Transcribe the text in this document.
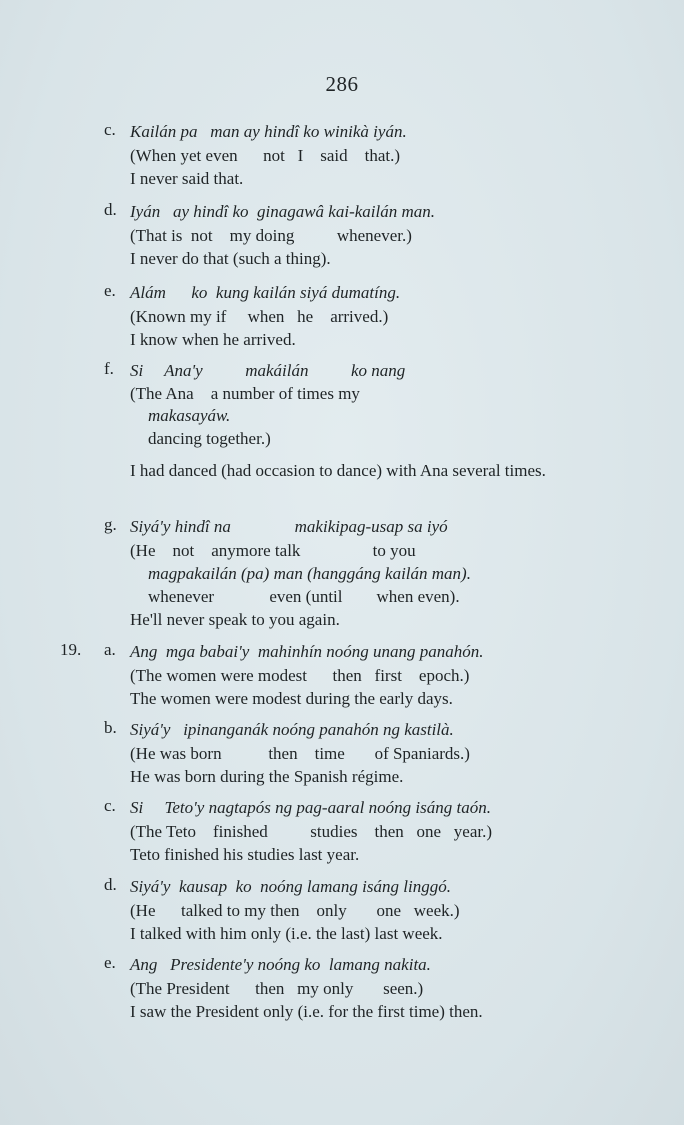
286
c. Kailán pa   man ay hindî ko winikà iyán.
(When yet even      not   I    said    that.)
I never said that.
d. Iyán   ay hindî ko  ginagawâ kai-kailán man.
(That is  not    my doing          whenever.)
I never do that (such a thing).
e. Alám      ko  kung kailán siyá dumatíng.
(Known my if     when   he    arrived.)
I know when he arrived.
f. Si     Ana'y          makáilán          ko nang
(The Ana    a number of times my
makasayáw.
dancing together.)
I had danced (had occasion to dance) with Ana several times.
g. Siyá'y hindî na               makikipag-usap sa iyó
(He    not    anymore talk                 to you
magpakailán (pa) man (hanggáng kailán man).
whenever             even (until        when even).
He'll never speak to you again.
19. a. Ang  mga babai'y  mahinhín noóng unang panahón.
(The women were modest      then   first    epoch.)
The women were modest during the early days.
b. Siyá'y   ipinanganák noóng panahón ng kastilà.
(He was born           then    time       of Spaniards.)
He was born during the Spanish régime.
c. Si     Teto'y nagtapós ng pag-aaral noóng isáng taón.
(The Teto    finished          studies    then   one   year.)
Teto finished his studies last year.
d. Siyá'y  kausap  ko  noóng lamang isáng linggó.
(He      talked to my then    only       one   week.)
I talked with him only (i.e. the last) last week.
e. Ang   Presidente'y noóng ko  lamang nakita.
(The President      then   my only       seen.)
I saw the President only (i.e. for the first time) then.
